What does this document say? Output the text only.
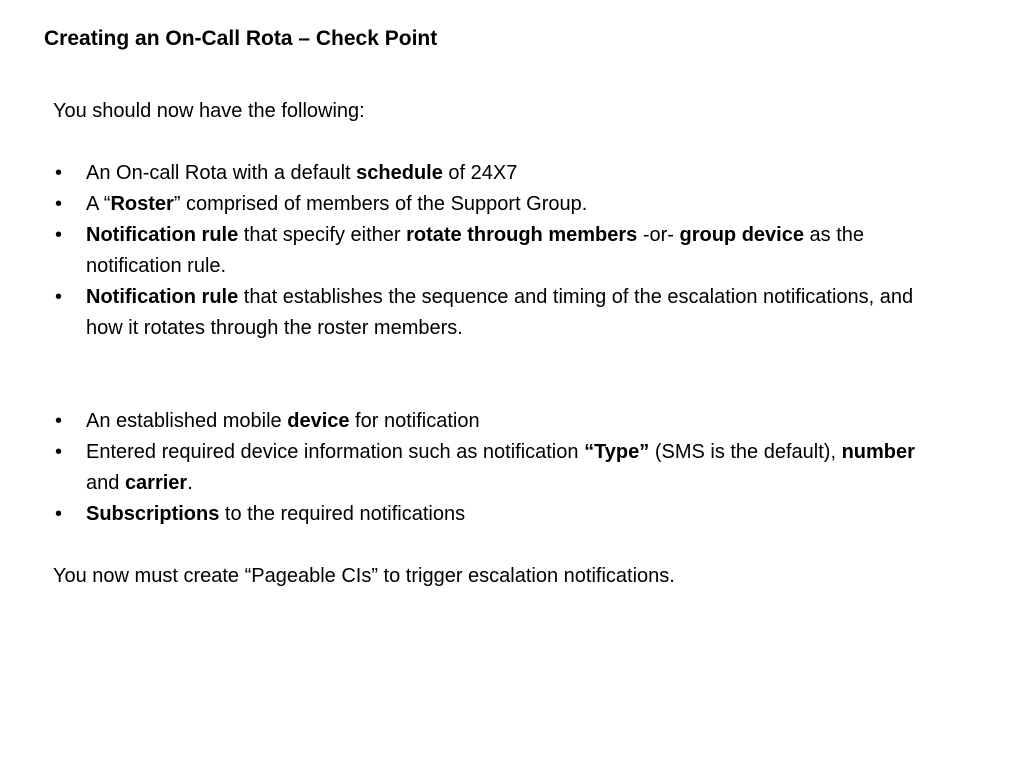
Creating an On-Call Rota – Check Point

You should now have the following:

• An On-call Rota with a default schedule of 24X7
• A “Roster” comprised of members of the Support Group.
• Notification rule that specify either rotate through members -or- group device as the notification rule.
• Notification rule that establishes the sequence and timing of the escalation notifications, and how it rotates through the roster members.
• An established mobile device for notification
• Entered required device information such as notification “Type” (SMS is the default), number and carrier.
• Subscriptions to the required notifications

You now must create “Pageable CIs” to trigger escalation notifications.
